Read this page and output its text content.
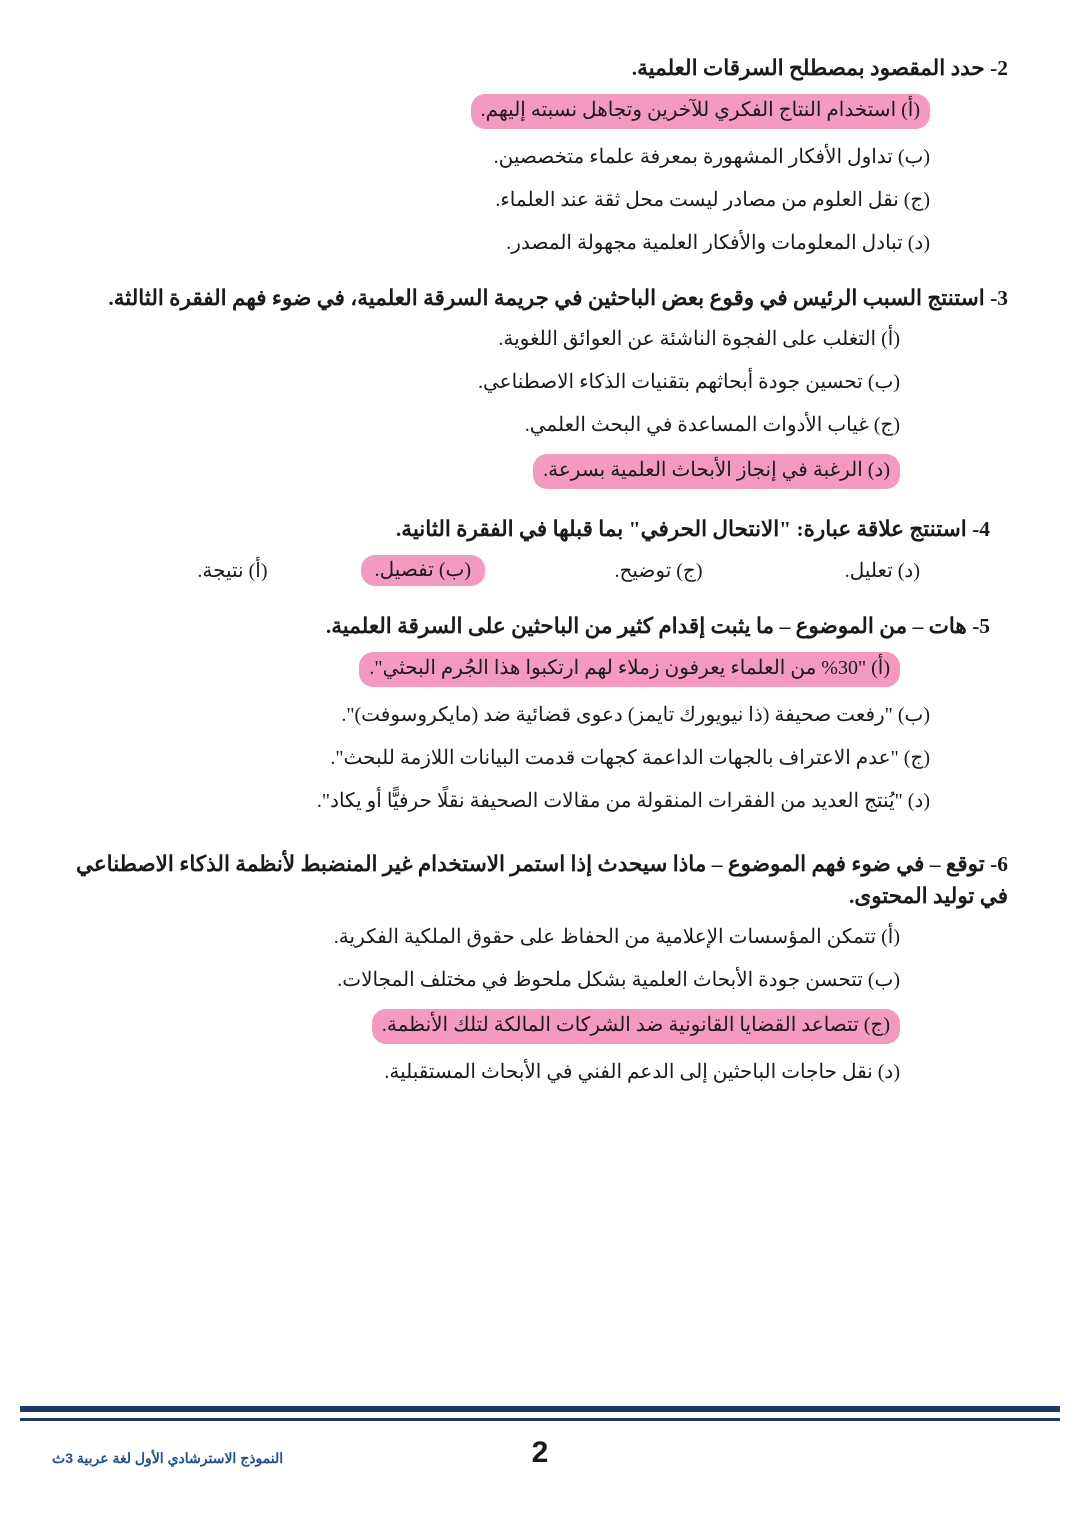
2- حدد المقصود بمصطلح السرقات العلمية.

(أ) استخدام النتاج الفكري للآخرين وتجاهل نسبته إليهم.

(ب) تداول الأفكار المشهورة بمعرفة علماء متخصصين.

(ج) نقل العلوم من مصادر ليست محل ثقة عند العلماء.

(د) تبادل المعلومات والأفكار العلمية مجهولة المصدر.

3- استنتج السبب الرئيس في وقوع بعض الباحثين في جريمة السرقة العلمية، في ضوء فهم الفقرة الثالثة.

(أ) التغلب على الفجوة الناشئة عن العوائق اللغوية.

(ب) تحسين جودة أبحاثهم بتقنيات الذكاء الاصطناعي.

(ج) غياب الأدوات المساعدة في البحث العلمي.

(د) الرغبة في إنجاز الأبحاث العلمية بسرعة.

4- استنتج علاقة عبارة: "الانتحال الحرفي" بما قبلها في الفقرة الثانية.

(د) تعليل.
(ج) توضيح.
(ب) تفصيل.
(أ) نتيجة.

5- هات – من الموضوع – ما يثبت إقدام كثير من الباحثين على السرقة العلمية.

(أ) "30% من العلماء يعرفون زملاء لهم ارتكبوا هذا الجُرم البحثي".

(ب) "رفعت صحيفة (ذا نيويورك تايمز) دعوى قضائية ضد (مايكروسوفت)".

(ج) "عدم الاعتراف بالجهات الداعمة كجهات قدمت البيانات اللازمة للبحث".

(د) "يُنتج العديد من الفقرات المنقولة من مقالات الصحيفة نقلًا حرفيًّا أو يكاد".

6- توقع – في ضوء فهم الموضوع – ماذا سيحدث إذا استمر الاستخدام غير المنضبط لأنظمة الذكاء الاصطناعي في توليد المحتوى.

(أ) تتمكن المؤسسات الإعلامية من الحفاظ على حقوق الملكية الفكرية.

(ب) تتحسن جودة الأبحاث العلمية بشكل ملحوظ في مختلف المجالات.

(ج) تتصاعد القضايا القانونية ضد الشركات المالكة لتلك الأنظمة.

(د) نقل حاجات الباحثين إلى الدعم الفني في الأبحاث المستقبلية.

2
النموذج الاسترشادي الأول لغة عربية 3ث
